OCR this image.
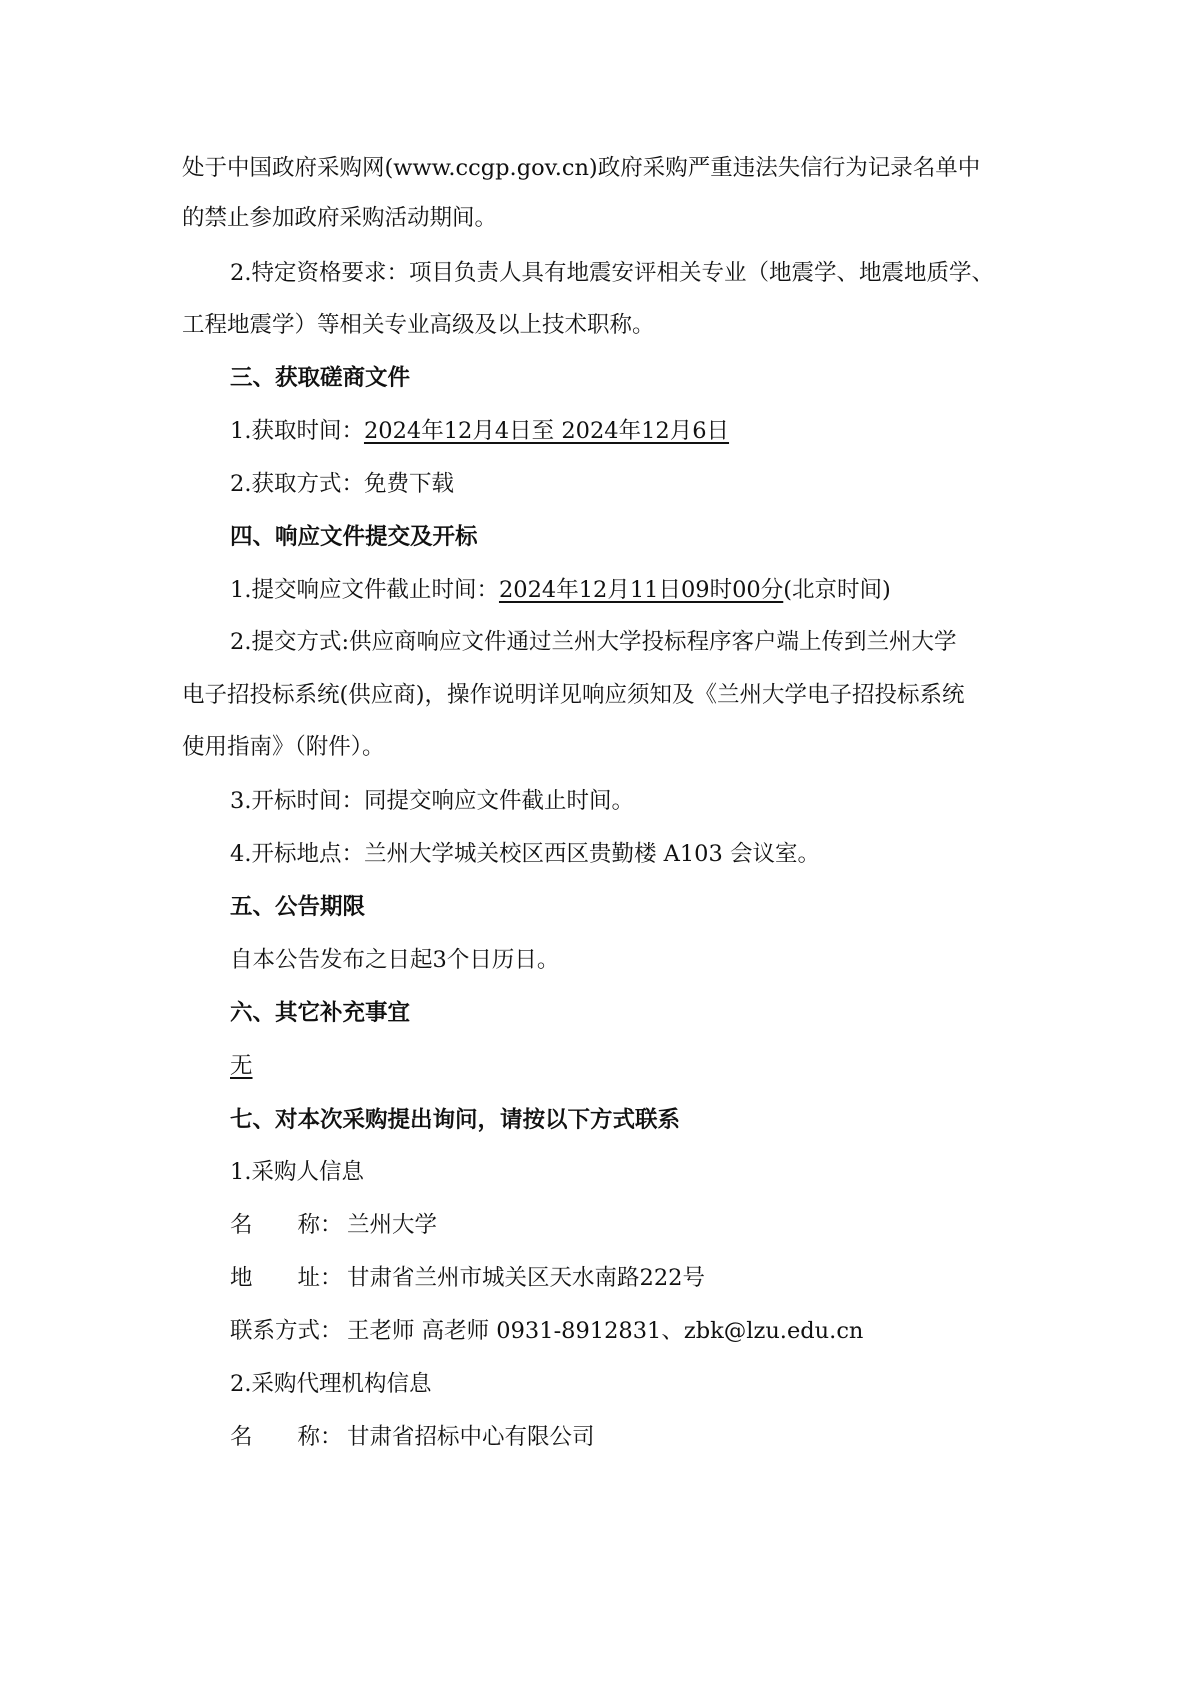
处于中国政府采购网(www.ccgp.gov.cn)政府采购严重违法失信行为记录名单中
的禁止参加政府采购活动期间。
2.特定资格要求：项目负责人具有地震安评相关专业（地震学、地震地质学、
工程地震学）等相关专业高级及以上技术职称。
三、获取磋商文件
1.获取时间：2024年12月4日至 2024年12月6日
2.获取方式：免费下载
四、响应文件提交及开标
1.提交响应文件截止时间：2024年12月11日09时00分(北京时间)
2.提交方式:供应商响应文件通过兰州大学投标程序客户端上传到兰州大学
电子招投标系统(供应商)，操作说明详见响应须知及《兰州大学电子招投标系统
使用指南》（附件）。
3.开标时间：同提交响应文件截止时间。
4.开标地点：兰州大学城关校区西区贵勤楼 A103 会议室。
五、公告期限
自本公告发布之日起3个日历日。
六、其它补充事宜
无
七、对本次采购提出询问，请按以下方式联系
1.采购人信息
名　　称： 兰州大学
地　　址： 甘肃省兰州市城关区天水南路222号
联系方式： 王老师 高老师 0931-8912831、zbk@lzu.edu.cn
2.采购代理机构信息
名　　称： 甘肃省招标中心有限公司
